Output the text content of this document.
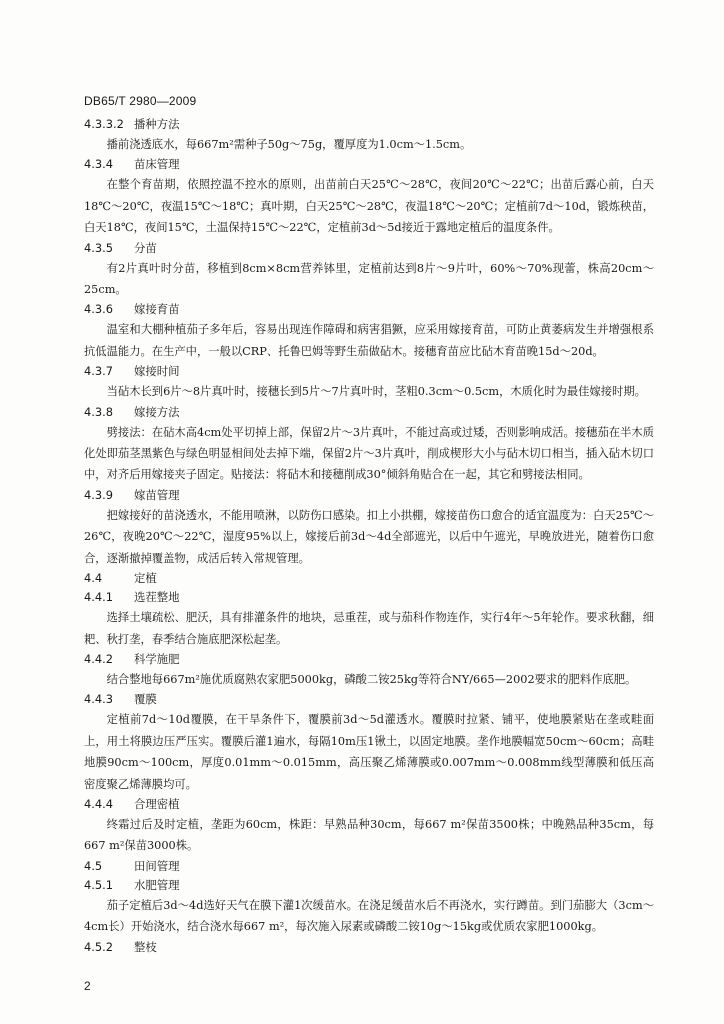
DB65/T 2980—2009
4.3.3.2 播种方法

播前浇透底水，每667m²需种子50g～75g，覆厚度为1.0cm～1.5cm。

4.3.4 苗床管理

在整个育苗期，依照控温不控水的原则，出苗前白天25℃～28℃，夜间20℃～22℃；出苗后露心前，白天18℃～20℃，夜温15℃～18℃；真叶期，白天25℃～28℃，夜温18℃～20℃；定植前7d～10d，锻炼秧苗，白天18℃，夜间15℃，土温保持15℃～22℃，定植前3d～5d接近于露地定植后的温度条件。

4.3.5 分苗

有2片真叶时分苗，移植到8cm×8cm营养钵里，定植前达到8片～9片叶，60%～70%现蕾，株高20cm～25cm。

4.3.6 嫁接育苗

温室和大棚种植茄子多年后，容易出现连作障碍和病害猖獗，应采用嫁接育苗，可防止黄萎病发生并增强根系抗低温能力。在生产中，一般以CRP、托鲁巴姆等野生茄做砧木。接穗育苗应比砧木育苗晚15d～20d。

4.3.7 嫁接时间

当砧木长到6片～8片真叶时，接穗长到5片～7片真叶时，茎粗0.3cm～0.5cm，木质化时为最佳嫁接时期。

4.3.8 嫁接方法

劈接法：在砧木高4cm处平切掉上部，保留2片～3片真叶，不能过高或过矮，否则影响成活。接穗茄在半木质化处即茄茎黑紫色与绿色明显相间处去掉下端，保留2片～3片真叶，削成楔形大小与砧木切口相当，插入砧木切口中，对齐后用嫁接夹子固定。贴接法：将砧木和接穗削成30°倾斜角贴合在一起，其它和劈接法相同。

4.3.9 嫁苗管理

把嫁接好的苗浇透水，不能用喷淋，以防伤口感染。扣上小拱棚，嫁接苗伤口愈合的适宜温度为：白天25℃～26℃，夜晚20℃～22℃，湿度95%以上，嫁接后前3d～4d全部遮光，以后中午遮光，早晚放进光，随着伤口愈合，逐渐撤掉覆盖物，成活后转入常规管理。

4.4	定植
4.4.1 选茬整地

选择土壤疏松、肥沃，具有排灌条件的地块，忌重茬，或与茄科作物连作，实行4年～5年轮作。要求秋翻，细耙、秋打垄，春季结合施底肥深松起垄。

4.4.2 科学施肥

结合整地每667m²施优质腐熟农家肥5000kg，磷酸二铵25kg等符合NY/665—2002要求的肥料作底肥。

4.4.3 覆膜

定植前7d～10d覆膜，在干旱条件下，覆膜前3d～5d灌透水。覆膜时拉紧、铺平，使地膜紧贴在垄或畦面上，用土将膜边压严压实。覆膜后灌1遍水，每隔10m压1锹土，以固定地膜。垄作地膜幅宽50cm～60cm；高畦地膜90cm～100cm，厚度0.01mm～0.015mm，高压聚乙烯薄膜或0.007mm～0.008mm线型薄膜和低压高密度聚乙烯薄膜均可。

4.4.4 合理密植

终霜过后及时定植，垄距为60cm，株距：早熟品种30cm，每667 m²保苗3500株；中晚熟品种35cm，每667 m²保苗3000株。

4.5	田间管理
4.5.1 水肥管理

茄子定植后3d～4d选好天气在膜下灌1次缓苗水。在浇足缓苗水后不再浇水，实行蹲苗。到门茄膨大（3cm～4cm长）开始浇水，结合浇水每667 m²，每次施入尿素或磷酸二铵10g～15kg或优质农家肥1000kg。

4.5.2 整枝
2
